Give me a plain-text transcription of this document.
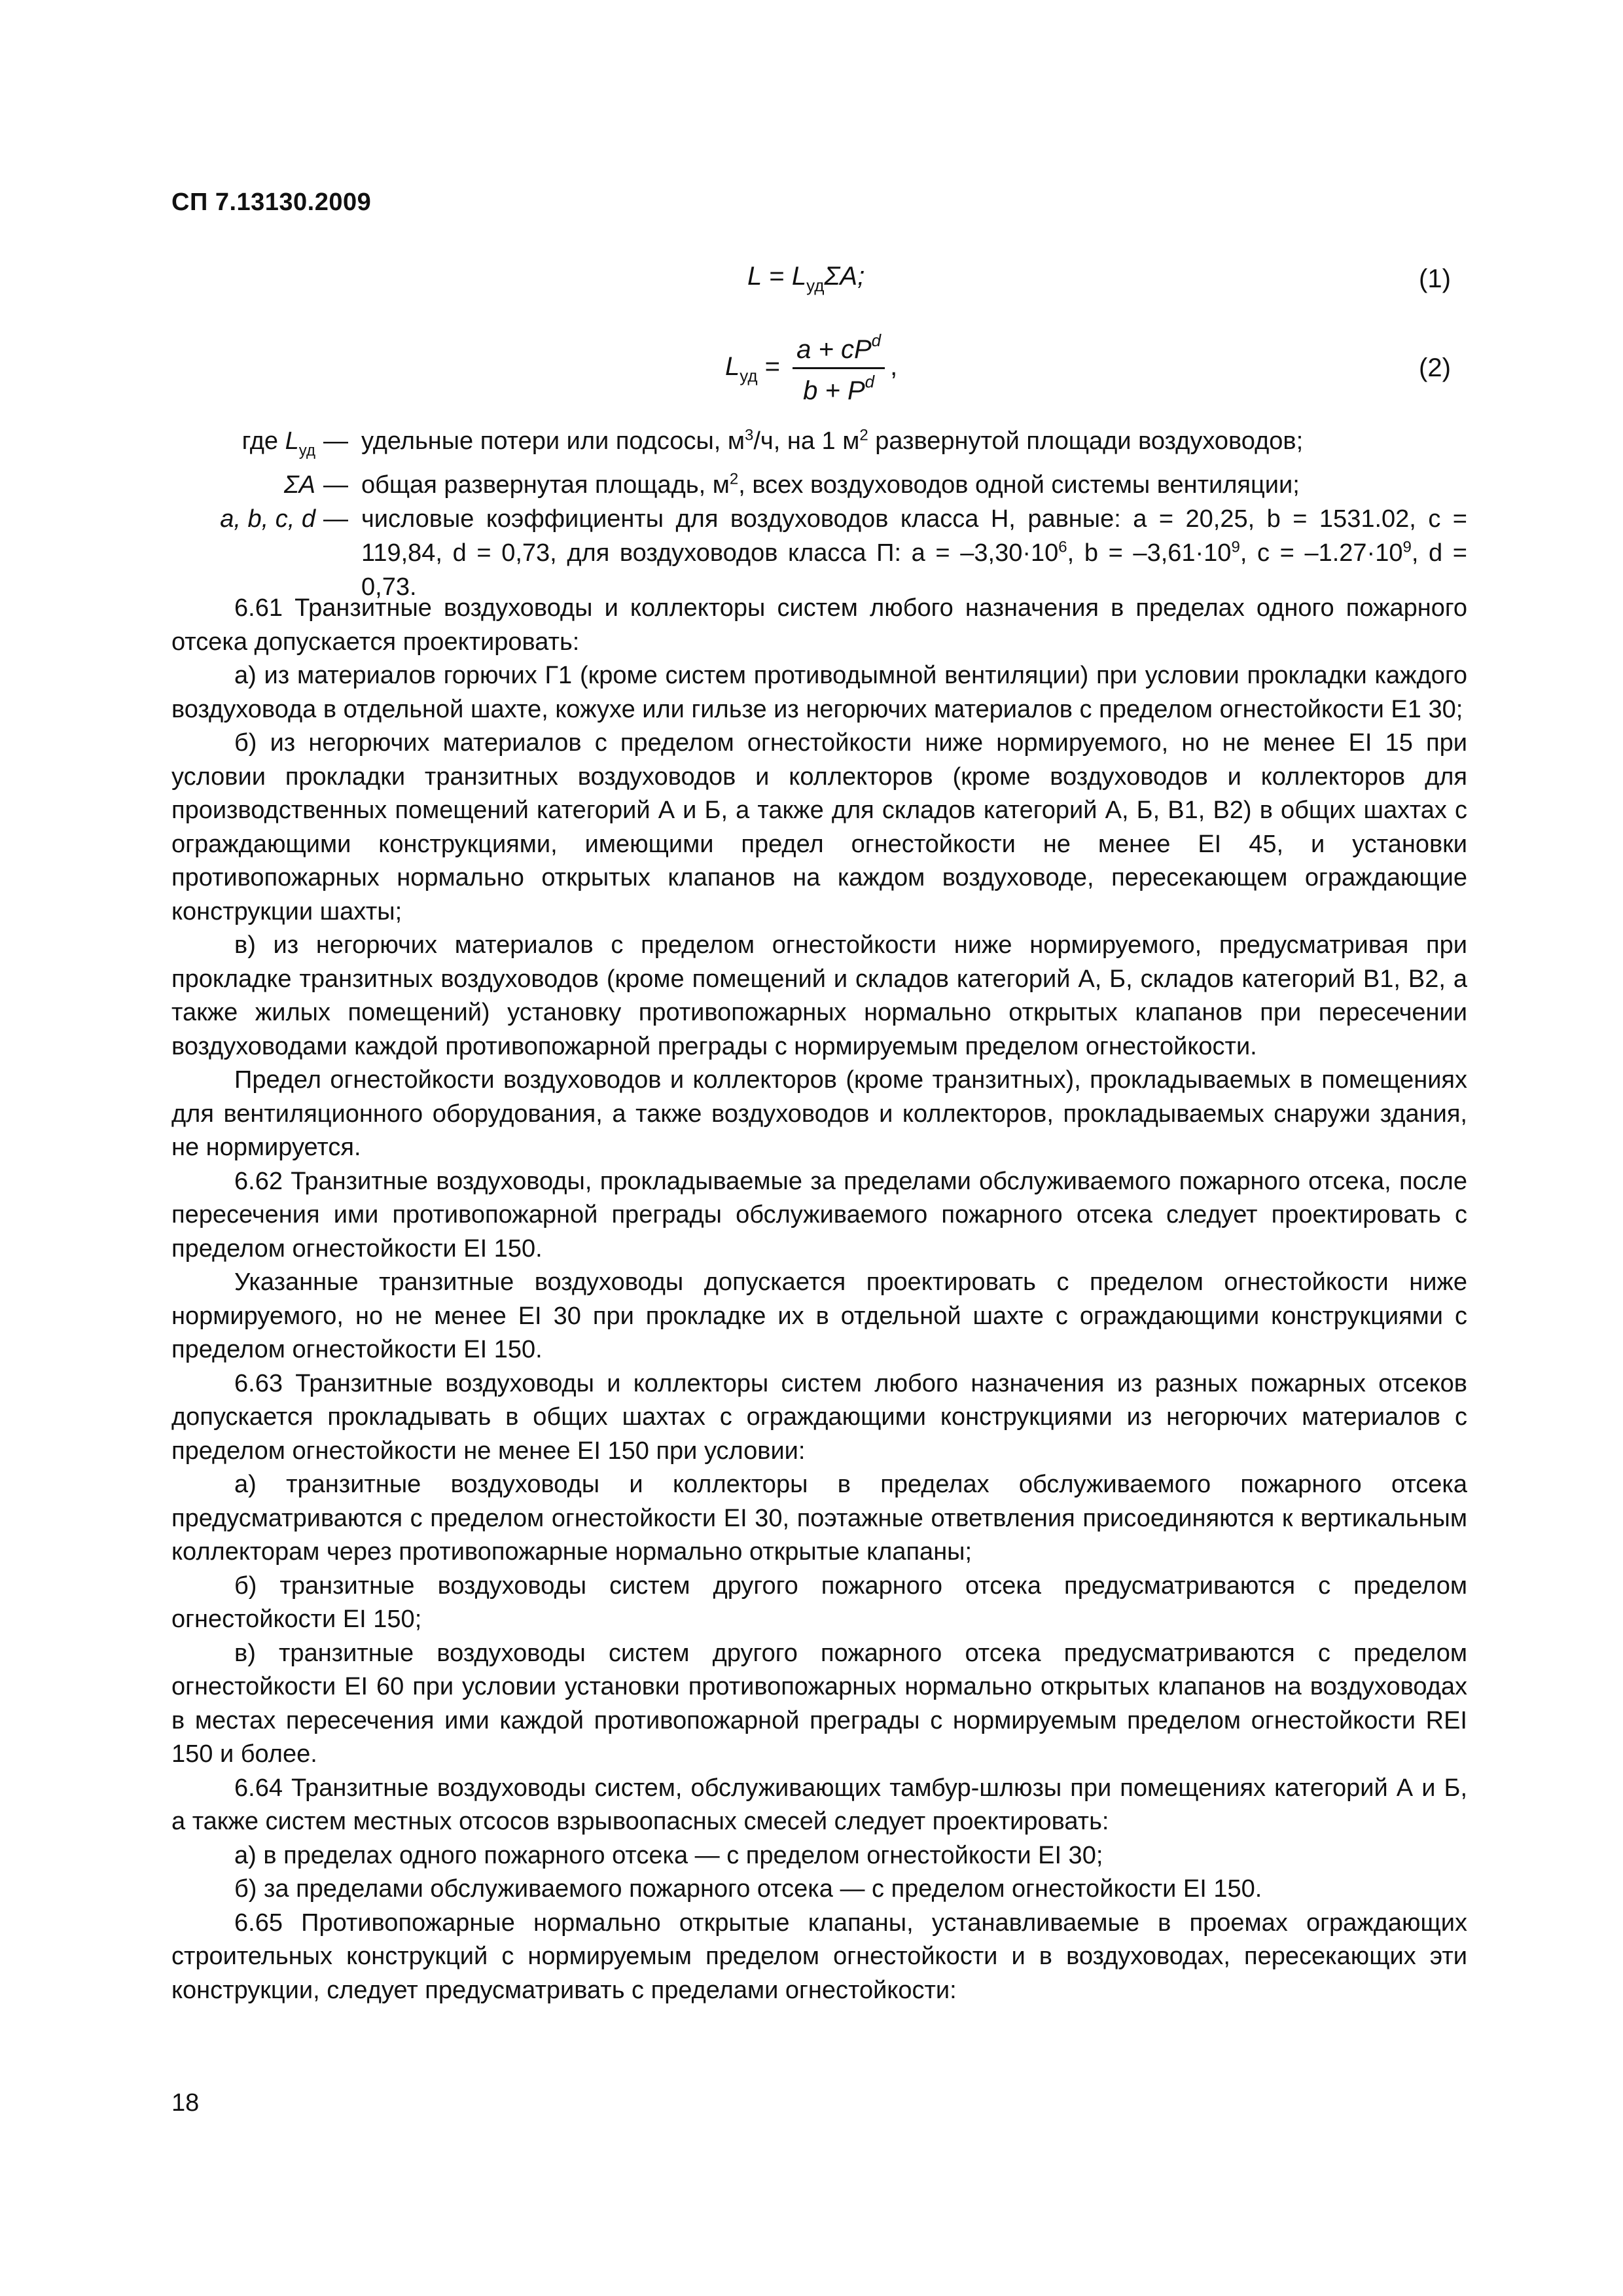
СП 7.13130.2009
$L = L_{уд}\Sigma A$;	(1)
$L_{уд} = \frac{a + cP^d}{b + P^d}$ ,	(2)
где $L_{уд}$ — удельные потери или подсосы, $м^3/ч$, на 1 $м^2$ развернутой площади воздуховодов;
ΣA — общая развернутая площадь, $м^2$, всех воздуховодов одной системы вентиляции;
a, b, c, d — числовые коэффициенты для воздуховодов класса Н, равные: a = 20,25, b = 1531.02, c = 119,84, d = 0,73, для воздуховодов класса П: $a = -3,30\cdot 10^6$, $b = -3,61\cdot 10^9$, $c = -1.27\cdot 10^9$, d = 0,73.

6.61 Транзитные воздуховоды и коллекторы систем любого назначения в пределах одного пожарного отсека допускается проектировать:

а) из материалов горючих Г1 (кроме систем противодымной вентиляции) при условии прокладки каждого воздуховода в отдельной шахте, кожухе или гильзе из негорючих материалов с пределом огнестойкости Е1 30;

б) из негорючих материалов с пределом огнестойкости ниже нормируемого, но не менее EI 15 при условии прокладки транзитных воздуховодов и коллекторов (кроме воздуховодов и коллекторов для производственных помещений категорий А и Б, а также для складов категорий А, Б, В1, В2) в общих шахтах с ограждающими конструкциями, имеющими предел огнестойкости не менее EI 45, и установки противопожарных нормально открытых клапанов на каждом воздуховоде, пересекающем ограждающие конструкции шахты;

в) из негорючих материалов с пределом огнестойкости ниже нормируемого, предусматривая при прокладке транзитных воздуховодов (кроме помещений и складов категорий А, Б, складов категорий В1, В2, а также жилых помещений) установку противопожарных нормально открытых клапанов при пересечении воздуховодами каждой противопожарной преграды с нормируемым пределом огнестойкости.

Предел огнестойкости воздуховодов и коллекторов (кроме транзитных), прокладываемых в помещениях для вентиляционного оборудования, а также воздуховодов и коллекторов, прокладываемых снаружи здания, не нормируется.

6.62 Транзитные воздуховоды, прокладываемые за пределами обслуживаемого пожарного отсека, после пересечения ими противопожарной преграды обслуживаемого пожарного отсека следует проектировать с пределом огнестойкости EI 150.

Указанные транзитные воздуховоды допускается проектировать с пределом огнестойкости ниже нормируемого, но не менее EI 30 при прокладке их в отдельной шахте с ограждающими конструкциями с пределом огнестойкости EI 150.

6.63 Транзитные воздуховоды и коллекторы систем любого назначения из разных пожарных отсеков допускается прокладывать в общих шахтах с ограждающими конструкциями из негорючих материалов с пределом огнестойкости не менее EI 150 при условии:

а) транзитные воздуховоды и коллекторы в пределах обслуживаемого пожарного отсека предусматриваются с пределом огнестойкости EI 30, поэтажные ответвления присоединяются к вертикальным коллекторам через противопожарные нормально открытые клапаны;

б) транзитные воздуховоды систем другого пожарного отсека предусматриваются с пределом огнестойкости EI 150;

в) транзитные воздуховоды систем другого пожарного отсека предусматриваются с пределом огнестойкости EI 60 при условии установки противопожарных нормально открытых клапанов на воздуховодах в местах пересечения ими каждой противопожарной преграды с нормируемым пределом огнестойкости REI 150 и более.

6.64 Транзитные воздуховоды систем, обслуживающих тамбур-шлюзы при помещениях категорий А и Б, а также систем местных отсосов взрывоопасных смесей следует проектировать:

а) в пределах одного пожарного отсека — с пределом огнестойкости EI 30;

б) за пределами обслуживаемого пожарного отсека — с пределом огнестойкости EI 150.

6.65 Противопожарные нормально открытые клапаны, устанавливаемые в проемах ограждающих строительных конструкций с нормируемым пределом огнестойкости и в воздуховодах, пересекающих эти конструкции, следует предусматривать с пределами огнестойкости:

18
